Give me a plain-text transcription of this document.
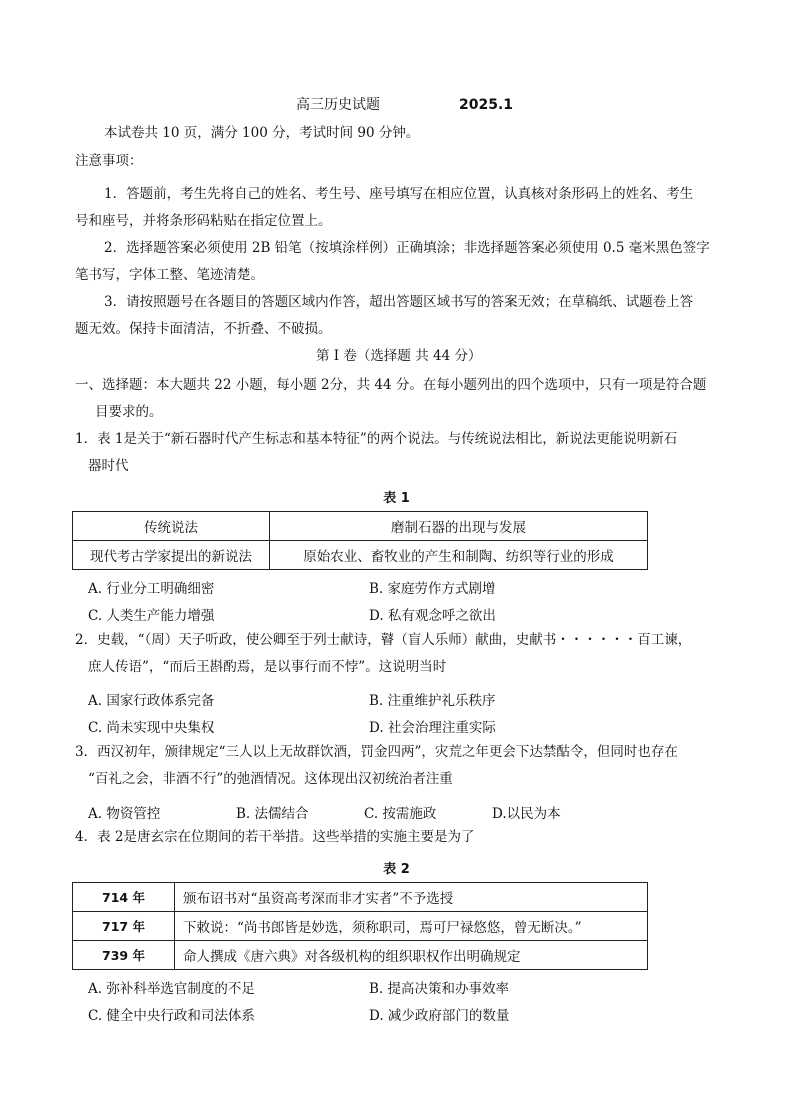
高三历史试题	2025.1
本试卷共 10 页，满分 100 分，考试时间 90 分钟。
注意事项：
1．答题前，考生先将自己的姓名、考生号、座号填写在相应位置，认真核对条形码上的姓名、考生
号和座号，并将条形码粘贴在指定位置上。
2．选择题答案必须使用 2B 铅笔（按填涂样例）正确填涂；非选择题答案必须使用 0.5 毫米黑色签字
笔书写，字体工整、笔迹清楚。
3．请按照题号在各题目的答题区域内作答，超出答题区域书写的答案无效；在草稿纸、试题卷上答
题无效。保持卡面清洁，不折叠、不破损。
第 I 卷（选择题 共 44 分）
一、选择题：本大题共 22 小题，每小题 2分，共 44 分。在每小题列出的四个选项中，只有一项是符合题
目要求的。
1．表 1是关于“新石器时代产生标志和基本特征”的两个说法。与传统说法相比，新说法更能说明新石
器时代
表 1
传统说法	磨制石器的出现与发展
现代考古学家提出的新说法	原始农业、畜牧业的产生和制陶、纺织等行业的形成
A. 行业分工明确细密	B. 家庭劳作方式剧增
C. 人类生产能力增强	D. 私有观念呼之欲出
2．史载，“（周）天子听政，使公卿至于列士献诗，瞽（盲人乐师）献曲，史献书・・・・・・百工谏，
庶人传语”，“而后王斟酌焉，是以事行而不悖”。这说明当时
A. 国家行政体系完备	B. 注重维护礼乐秩序
C. 尚未实现中央集权	D. 社会治理注重实际
3．西汉初年，颁律规定“三人以上无故群饮酒，罚金四两”，灾荒之年更会下达禁酤令，但同时也存在
“百礼之会，非酒不行”的弛酒情况。这体现出汉初统治者注重
A. 物资管控	B. 法儒结合	C. 按需施政	D.以民为本
4．表 2是唐玄宗在位期间的若干举措。这些举措的实施主要是为了
表 2
714 年	颁布诏书对“虽资高考深而非才实者”不予选授
717 年	下敕说：“尚书郎皆是妙选，须称职司，焉可尸禄悠悠，曾无断决。”
739 年	命人撰成《唐六典》对各级机构的组织职权作出明确规定
A. 弥补科举选官制度的不足	B. 提高决策和办事效率
C. 健全中央行政和司法体系	D. 减少政府部门的数量
